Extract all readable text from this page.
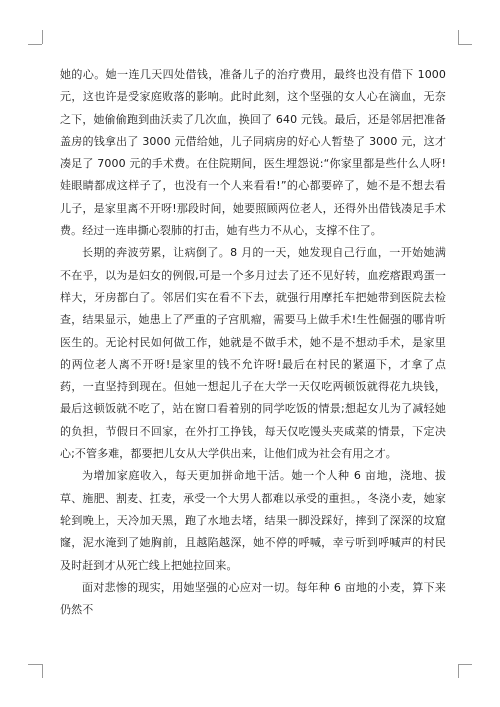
她的心。她一连几天四处借钱，准备儿子的治疗费用，最终也没有借下 1000 元，这也许是受家庭败落的影响。此时此刻，这个坚强的女人心在滴血，无奈之下，她偷偷跑到曲沃卖了几次血，换回了 640 元钱。最后，还是邻居把准备盖房的钱拿出了 3000 元借给她，儿子同病房的好心人暂垫了 3000 元，这才凑足了 7000 元的手术费。在住院期间，医生埋怨说:“你家里都是些什么人呀!娃眼睛都成这样子了，也没有一个人来看看!”的心都要碎了，她不是不想去看儿子，是家里离不开呀!那段时间，她要照顾两位老人，还得外出借钱凑足手术费。经过一连串撕心裂肺的打击，她有些力不从心，支撑不住了。

长期的奔波劳累，让病倒了。8 月的一天，她发现自己行血，一开始她满不在乎，以为是妇女的例假,可是一个多月过去了还不见好转，血疙瘩跟鸡蛋一样大，牙房都白了。邻居们实在看不下去，就强行用摩托车把她带到医院去检查，结果显示，她患上了严重的子宫肌瘤，需要马上做手术!生性倔强的哪肯听医生的。无论村民如何做工作，她就是不做手术，她不是不想动手术，是家里的两位老人离不开呀!是家里的钱不允许呀!最后在村民的紧逼下，才拿了点药，一直坚持到现在。但她一想起儿子在大学一天仅吃两顿饭就得花九块钱，最后这顿饭就不吃了，站在窗口看着别的同学吃饭的情景;想起女儿为了减轻她的负担，节假日不回家，在外打工挣钱，每天仅吃馒头夹咸菜的情景，下定决心;不管多难，都要把儿女从大学供出来，让他们成为社会有用之才。

为增加家庭收入，每天更加拼命地干活。她一个人种 6 亩地，浇地、拔草、施肥、割麦、扛麦，承受一个大男人都难以承受的重担。，冬浇小麦，她家轮到晚上，天冷加天黑，跑了水地去堵，结果一脚没踩好，摔到了深深的坟窟窿，泥水淹到了她胸前，且越陷越深，她不停的呼喊，幸亏听到呼喊声的村民及时赶到才从死亡线上把她拉回来。

面对悲惨的现实，用她坚强的心应对一切。每年种 6 亩地的小麦，算下来仍然不
